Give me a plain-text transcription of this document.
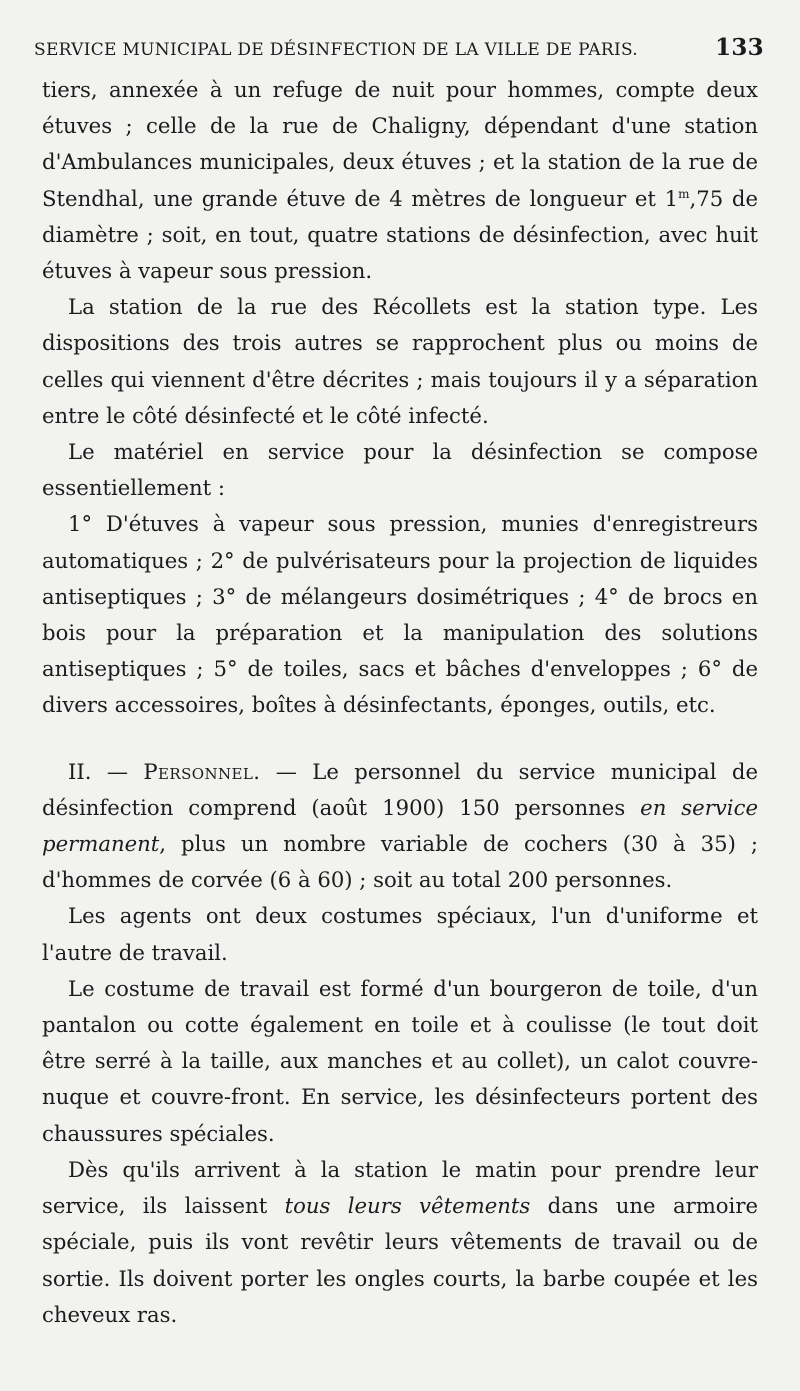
SERVICE MUNICIPAL DE DÉSINFECTION DE LA VILLE DE PARIS.	133

tiers, annexée à un refuge de nuit pour hommes, compte deux étuves ; celle de la rue de Chaligny, dépendant d'une station d'Ambulances municipales, deux étuves ; et la station de la rue de Stendhal, une grande étuve de 4 mètres de longueur et 1$^m$,75 de diamètre ; soit, en tout, quatre stations de désinfection, avec huit étuves à vapeur sous pression.

La station de la rue des Récollets est la station type. Les dispositions des trois autres se rapprochent plus ou moins de celles qui viennent d'être décrites ; mais toujours il y a séparation entre le côté désinfecté et le côté infecté.

Le matériel en service pour la désinfection se compose essentiellement :

1° D'étuves à vapeur sous pression, munies d'enregistreurs automatiques ; 2° de pulvérisateurs pour la projection de liquides antiseptiques ; 3° de mélangeurs dosimétriques ; 4° de brocs en bois pour la préparation et la manipulation des solutions antiseptiques ; 5° de toiles, sacs et bâches d'enveloppes ; 6° de divers accessoires, boîtes à désinfectants, éponges, outils, etc.

II. — Personnel. — Le personnel du service municipal de désinfection comprend (août 1900) 150 personnes en service permanent, plus un nombre variable de cochers (30 à 35) ; d'hommes de corvée (6 à 60) ; soit au total 200 personnes.

Les agents ont deux costumes spéciaux, l'un d'uniforme et l'autre de travail.

Le costume de travail est formé d'un bourgeron de toile, d'un pantalon ou cotte également en toile et à coulisse (le tout doit être serré à la taille, aux manches et au collet), un calot couvre-nuque et couvre-front. En service, les désinfecteurs portent des chaussures spéciales.

Dès qu'ils arrivent à la station le matin pour prendre leur service, ils laissent tous leurs vêtements dans une armoire spéciale, puis ils vont revêtir leurs vêtements de travail ou de sortie. Ils doivent porter les ongles courts, la barbe coupée et les cheveux ras.
